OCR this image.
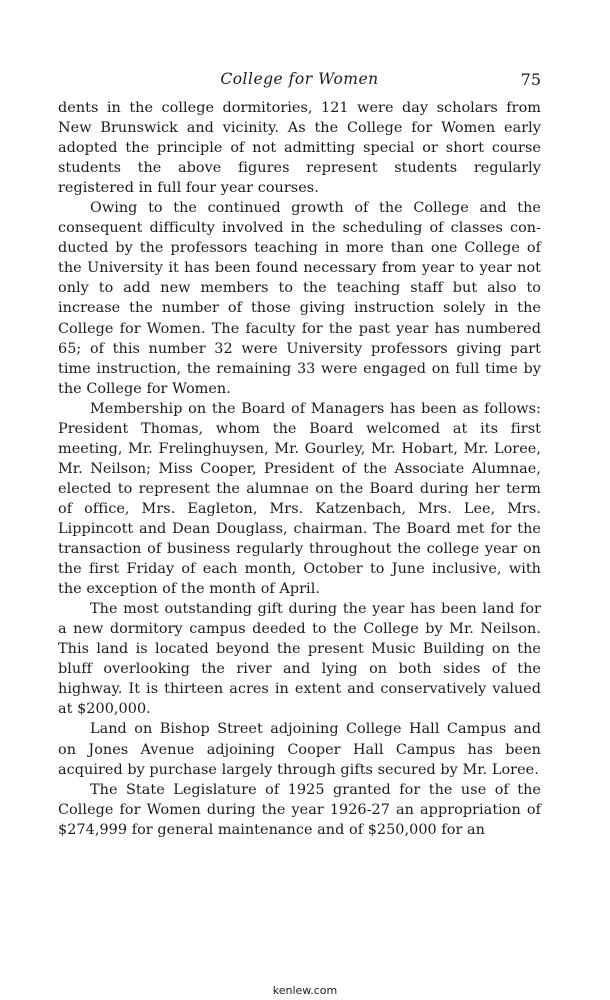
College for Women	75

dents in the college dormitories, 121 were day scholars from New Brunswick and vicinity. As the College for Women early adopted the principle of not admitting special or short course students the above figures represent students regularly registered in full four year courses.

Owing to the continued growth of the College and the consequent difficulty involved in the scheduling of classes conducted by the professors teaching in more than one College of the University it has been found necessary from year to year not only to add new members to the teaching staff but also to increase the number of those giving instruction solely in the College for Women. The faculty for the past year has numbered 65; of this number 32 were University professors giving part time instruction, the remaining 33 were engaged on full time by the College for Women.

Membership on the Board of Managers has been as follows: President Thomas, whom the Board welcomed at its first meeting, Mr. Frelinghuysen, Mr. Gourley, Mr. Hobart, Mr. Loree, Mr. Neilson; Miss Cooper, President of the Associate Alumnae, elected to represent the alumnae on the Board during her term of office, Mrs. Eagleton, Mrs. Katzenbach, Mrs. Lee, Mrs. Lippincott and Dean Douglass, chairman. The Board met for the transaction of business regularly throughout the college year on the first Friday of each month, October to June inclusive, with the exception of the month of April.

The most outstanding gift during the year has been land for a new dormitory campus deeded to the College by Mr. Neilson. This land is located beyond the present Music Building on the bluff overlooking the river and lying on both sides of the highway. It is thirteen acres in extent and conservatively valued at $200,000.

Land on Bishop Street adjoining College Hall Campus and on Jones Avenue adjoining Cooper Hall Campus has been acquired by purchase largely through gifts secured by Mr. Loree.

The State Legislature of 1925 granted for the use of the College for Women during the year 1926-27 an appropriation of $274,999 for general maintenance and of $250,000 for an

kenlew.com
